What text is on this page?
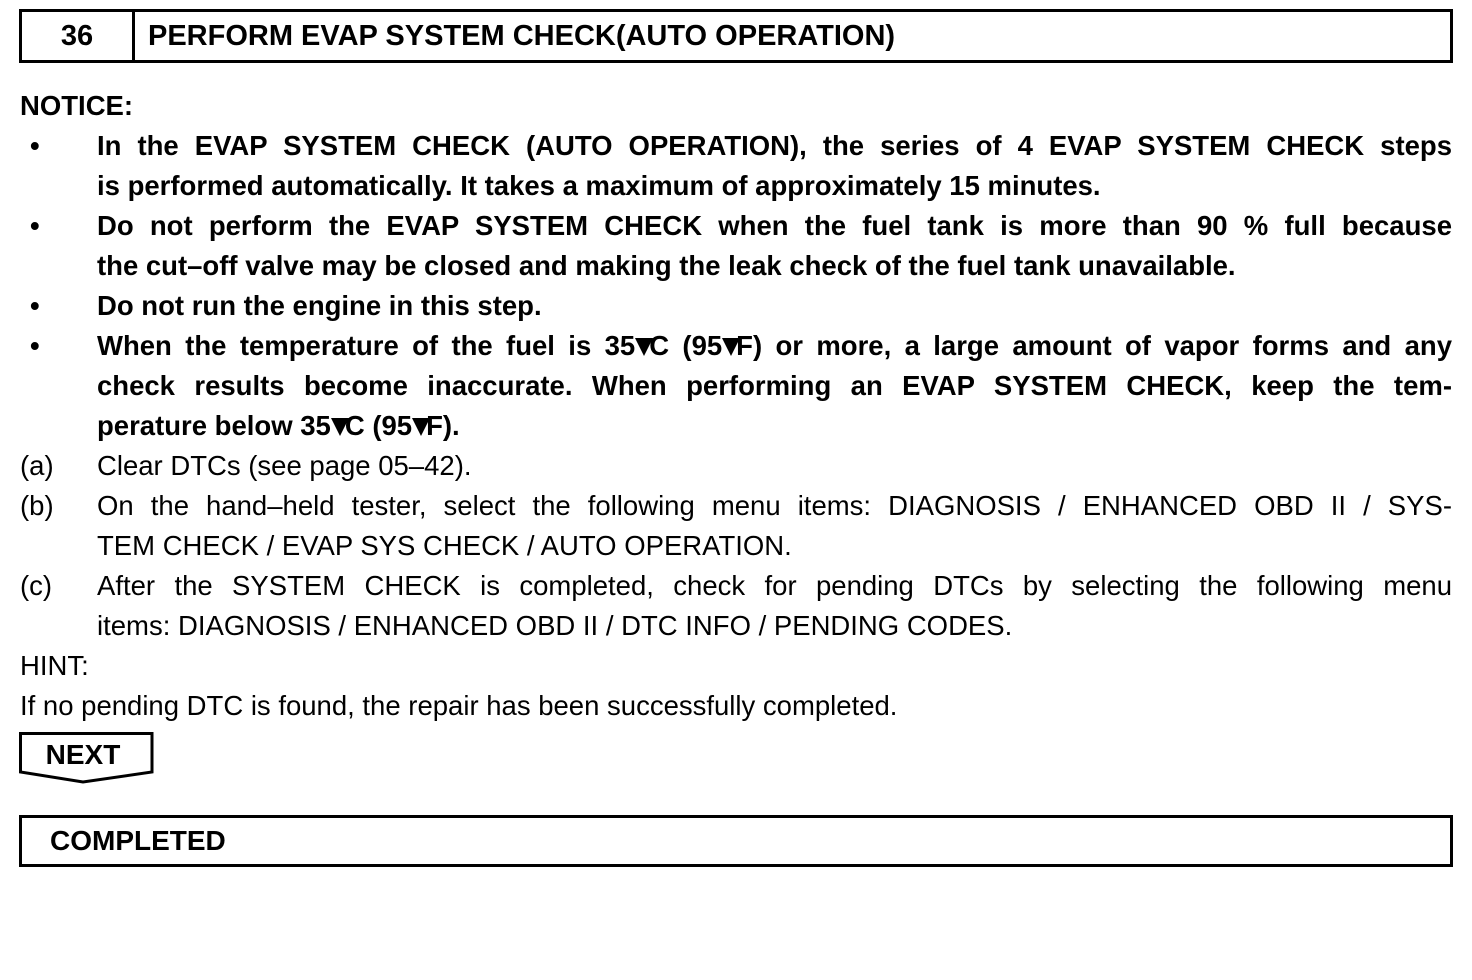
36	PERFORM EVAP SYSTEM CHECK(AUTO OPERATION)
NOTICE:
•	In the EVAP SYSTEM CHECK (AUTO OPERATION), the series of 4 EVAP SYSTEM CHECK steps
is performed automatically. It takes a maximum of approximately 15 minutes.
•	Do not perform the EVAP SYSTEM CHECK when the fuel tank is more than 90 % full because
the cut–off valve may be closed and making the leak check of the fuel tank unavailable.
•	Do not run the engine in this step.
•	When the temperature of the fuel is 35 C (95 F) or more, a large amount of vapor forms and any
check results become inaccurate. When performing an EVAP SYSTEM CHECK, keep the tem-
perature below 35 C (95 F).
(a)	Clear DTCs (see page 05–42).
(b)	On the hand–held tester, select the following menu items: DIAGNOSIS / ENHANCED OBD II / SYS-
TEM CHECK / EVAP SYS CHECK / AUTO OPERATION.
(c)	After the SYSTEM CHECK is completed, check for pending DTCs by selecting the following menu
items: DIAGNOSIS / ENHANCED OBD II / DTC INFO / PENDING CODES.
HINT:
If no pending DTC is found, the repair has been successfully completed.
NEXT
COMPLETED
